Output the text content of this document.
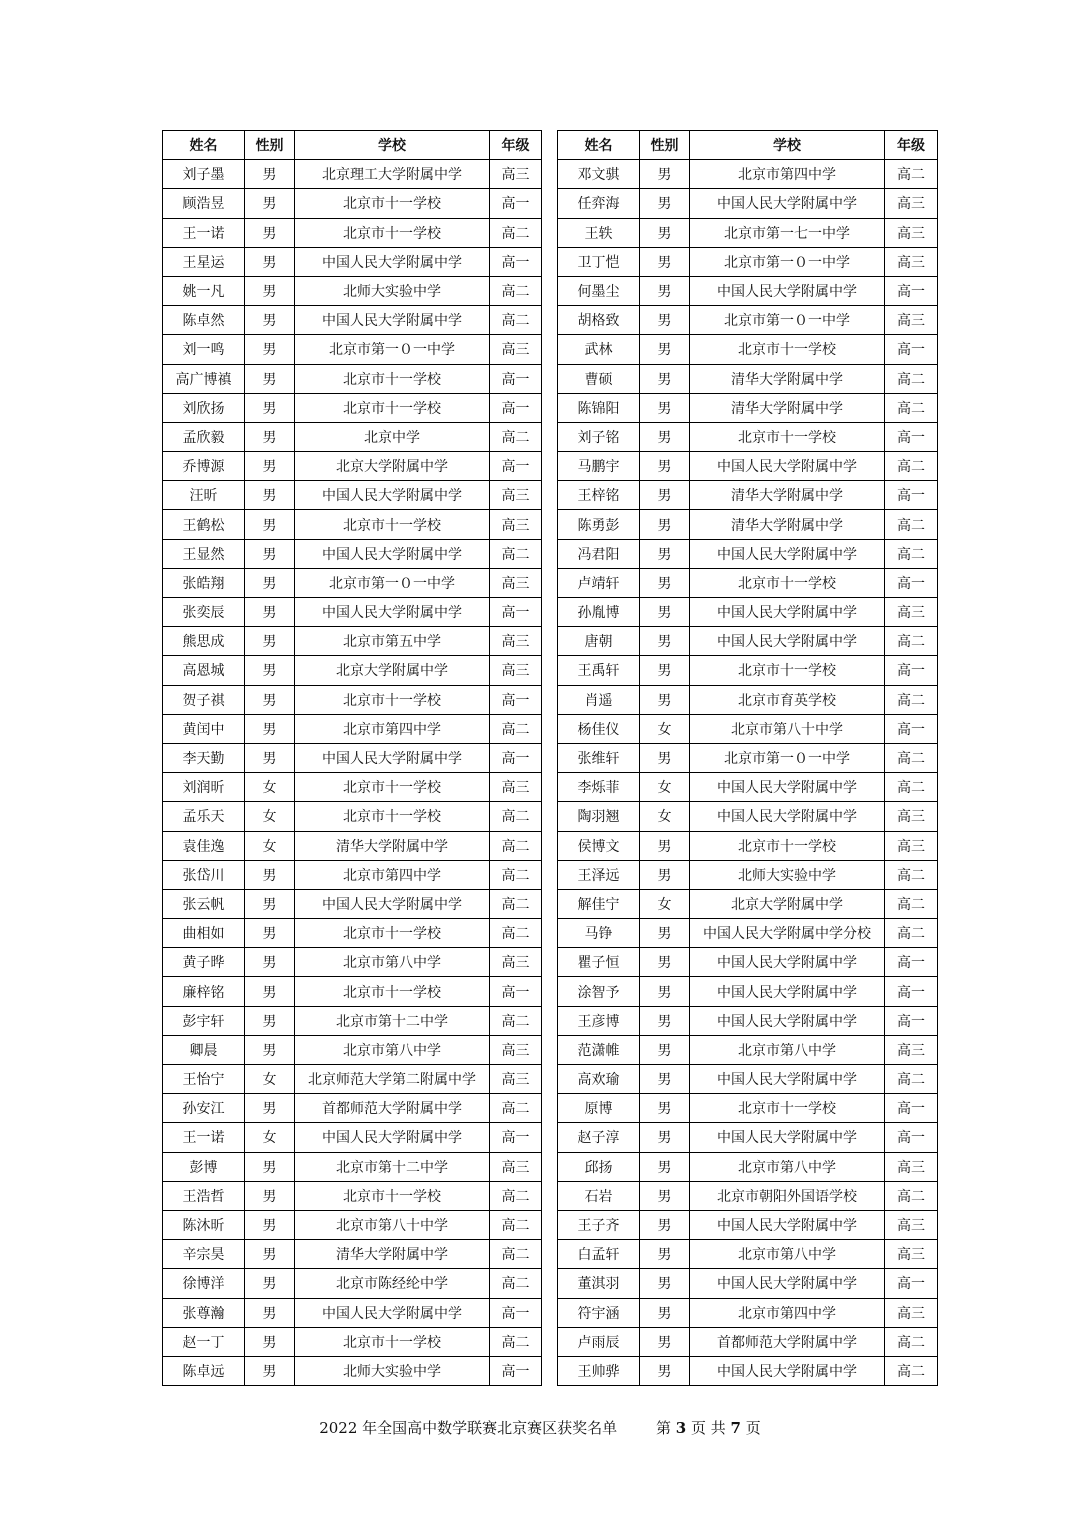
姓名	性别	学校	年级
刘子墨	男	北京理工大学附属中学	高三
顾浩昱	男	北京市十一学校	高一
王一诺	男	北京市十一学校	高二
王星运	男	中国人民大学附属中学	高一
姚一凡	男	北师大实验中学	高二
陈卓然	男	中国人民大学附属中学	高二
刘一鸣	男	北京市第一０一中学	高三
高广博禛	男	北京市十一学校	高一
刘欣扬	男	北京市十一学校	高一
孟欣毅	男	北京中学	高二
乔博源	男	北京大学附属中学	高一
汪昕	男	中国人民大学附属中学	高三
王鹤松	男	北京市十一学校	高三
王显然	男	中国人民大学附属中学	高二
张皓翔	男	北京市第一０一中学	高三
张奕辰	男	中国人民大学附属中学	高一
熊思成	男	北京市第五中学	高三
高恩城	男	北京大学附属中学	高三
贺子祺	男	北京市十一学校	高一
黄闰中	男	北京市第四中学	高二
李天勤	男	中国人民大学附属中学	高一
刘润昕	女	北京市十一学校	高三
孟乐天	女	北京市十一学校	高二
袁佳逸	女	清华大学附属中学	高二
张岱川	男	北京市第四中学	高二
张云帆	男	中国人民大学附属中学	高二
曲相如	男	北京市十一学校	高二
黄子晔	男	北京市第八中学	高三
廉梓铭	男	北京市十一学校	高一
彭宇轩	男	北京市第十二中学	高二
卿晨	男	北京市第八中学	高三
王怡宁	女	北京师范大学第二附属中学	高三
孙安江	男	首都师范大学附属中学	高二
王一诺	女	中国人民大学附属中学	高一
彭博	男	北京市第十二中学	高三
王浩哲	男	北京市十一学校	高二
陈沐昕	男	北京市第八十中学	高二
辛宗昊	男	清华大学附属中学	高二
徐博洋	男	北京市陈经纶中学	高二
张尊瀚	男	中国人民大学附属中学	高一
赵一丁	男	北京市十一学校	高二
陈卓远	男	北师大实验中学	高一
姓名	性别	学校	年级
邓文骐	男	北京市第四中学	高二
任弈海	男	中国人民大学附属中学	高三
王轶	男	北京市第一七一中学	高三
卫丁恺	男	北京市第一０一中学	高三
何墨尘	男	中国人民大学附属中学	高一
胡格致	男	北京市第一０一中学	高三
武林	男	北京市十一学校	高一
曹硕	男	清华大学附属中学	高二
陈锦阳	男	清华大学附属中学	高二
刘子铭	男	北京市十一学校	高一
马鹏宇	男	中国人民大学附属中学	高二
王梓铭	男	清华大学附属中学	高一
陈勇彭	男	清华大学附属中学	高二
冯君阳	男	中国人民大学附属中学	高二
卢靖轩	男	北京市十一学校	高一
孙胤博	男	中国人民大学附属中学	高三
唐朝	男	中国人民大学附属中学	高二
王禹轩	男	北京市十一学校	高一
肖遥	男	北京市育英学校	高二
杨佳仪	女	北京市第八十中学	高一
张维轩	男	北京市第一０一中学	高二
李烁菲	女	中国人民大学附属中学	高二
陶羽翘	女	中国人民大学附属中学	高三
侯博文	男	北京市十一学校	高三
王泽远	男	北师大实验中学	高二
解佳宁	女	北京大学附属中学	高二
马铮	男	中国人民大学附属中学分校	高二
瞿子恒	男	中国人民大学附属中学	高一
涂智予	男	中国人民大学附属中学	高一
王彦博	男	中国人民大学附属中学	高一
范潇帷	男	北京市第八中学	高三
高欢瑜	男	中国人民大学附属中学	高二
原博	男	北京市十一学校	高一
赵子淳	男	中国人民大学附属中学	高一
邱扬	男	北京市第八中学	高三
石岩	男	北京市朝阳外国语学校	高二
王子齐	男	中国人民大学附属中学	高三
白孟轩	男	北京市第八中学	高三
董淇羽	男	中国人民大学附属中学	高一
符宇涵	男	北京市第四中学	高三
卢雨辰	男	首都师范大学附属中学	高二
王帅骅	男	中国人民大学附属中学	高二
2022 年全国高中数学联赛北京赛区获奖名单	第 3 页 共 7 页
